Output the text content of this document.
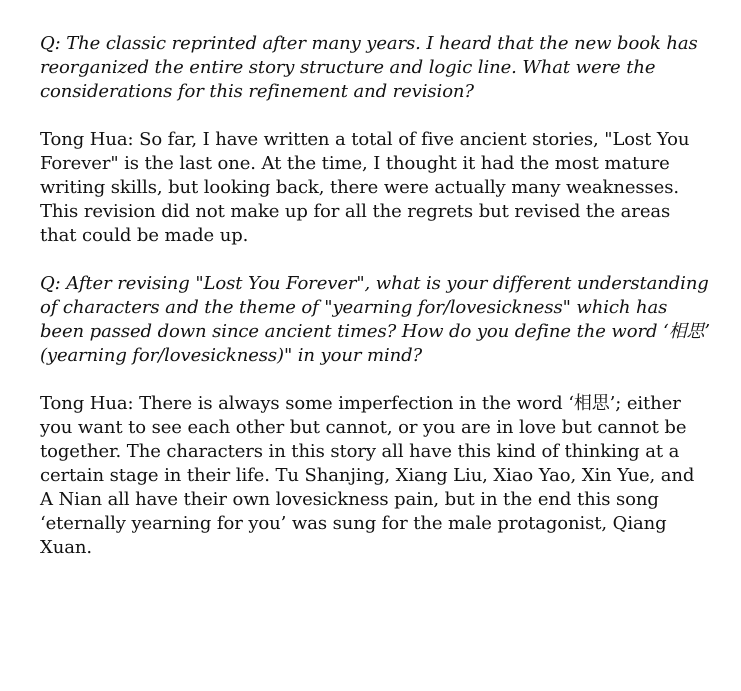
Q: The classic reprinted after many years. I heard that the new book has reorganized the entire story structure and logic line. What were the considerations for this refinement and revision?

Tong Hua: So far, I have written a total of five ancient stories, "Lost You Forever" is the last one. At the time, I thought it had the most mature writing skills, but looking back, there were actually many weaknesses. This revision did not make up for all the regrets but revised the areas that could be made up.

Q: After revising "Lost You Forever", what is your different understanding of characters and the theme of "yearning for/lovesickness" which has been passed down since ancient times? How do you define the word ‘相思’ (yearning for/lovesickness)" in your mind?

Tong Hua: There is always some imperfection in the word ‘相思’; either you want to see each other but cannot, or you are in love but cannot be together. The characters in this story all have this kind of thinking at a certain stage in their life. Tu Shanjing, Xiang Liu, Xiao Yao, Xin Yue, and A Nian all have their own lovesickness pain, but in the end this song ‘eternally yearning for you’ was sung for the male protagonist, Qiang Xuan.
